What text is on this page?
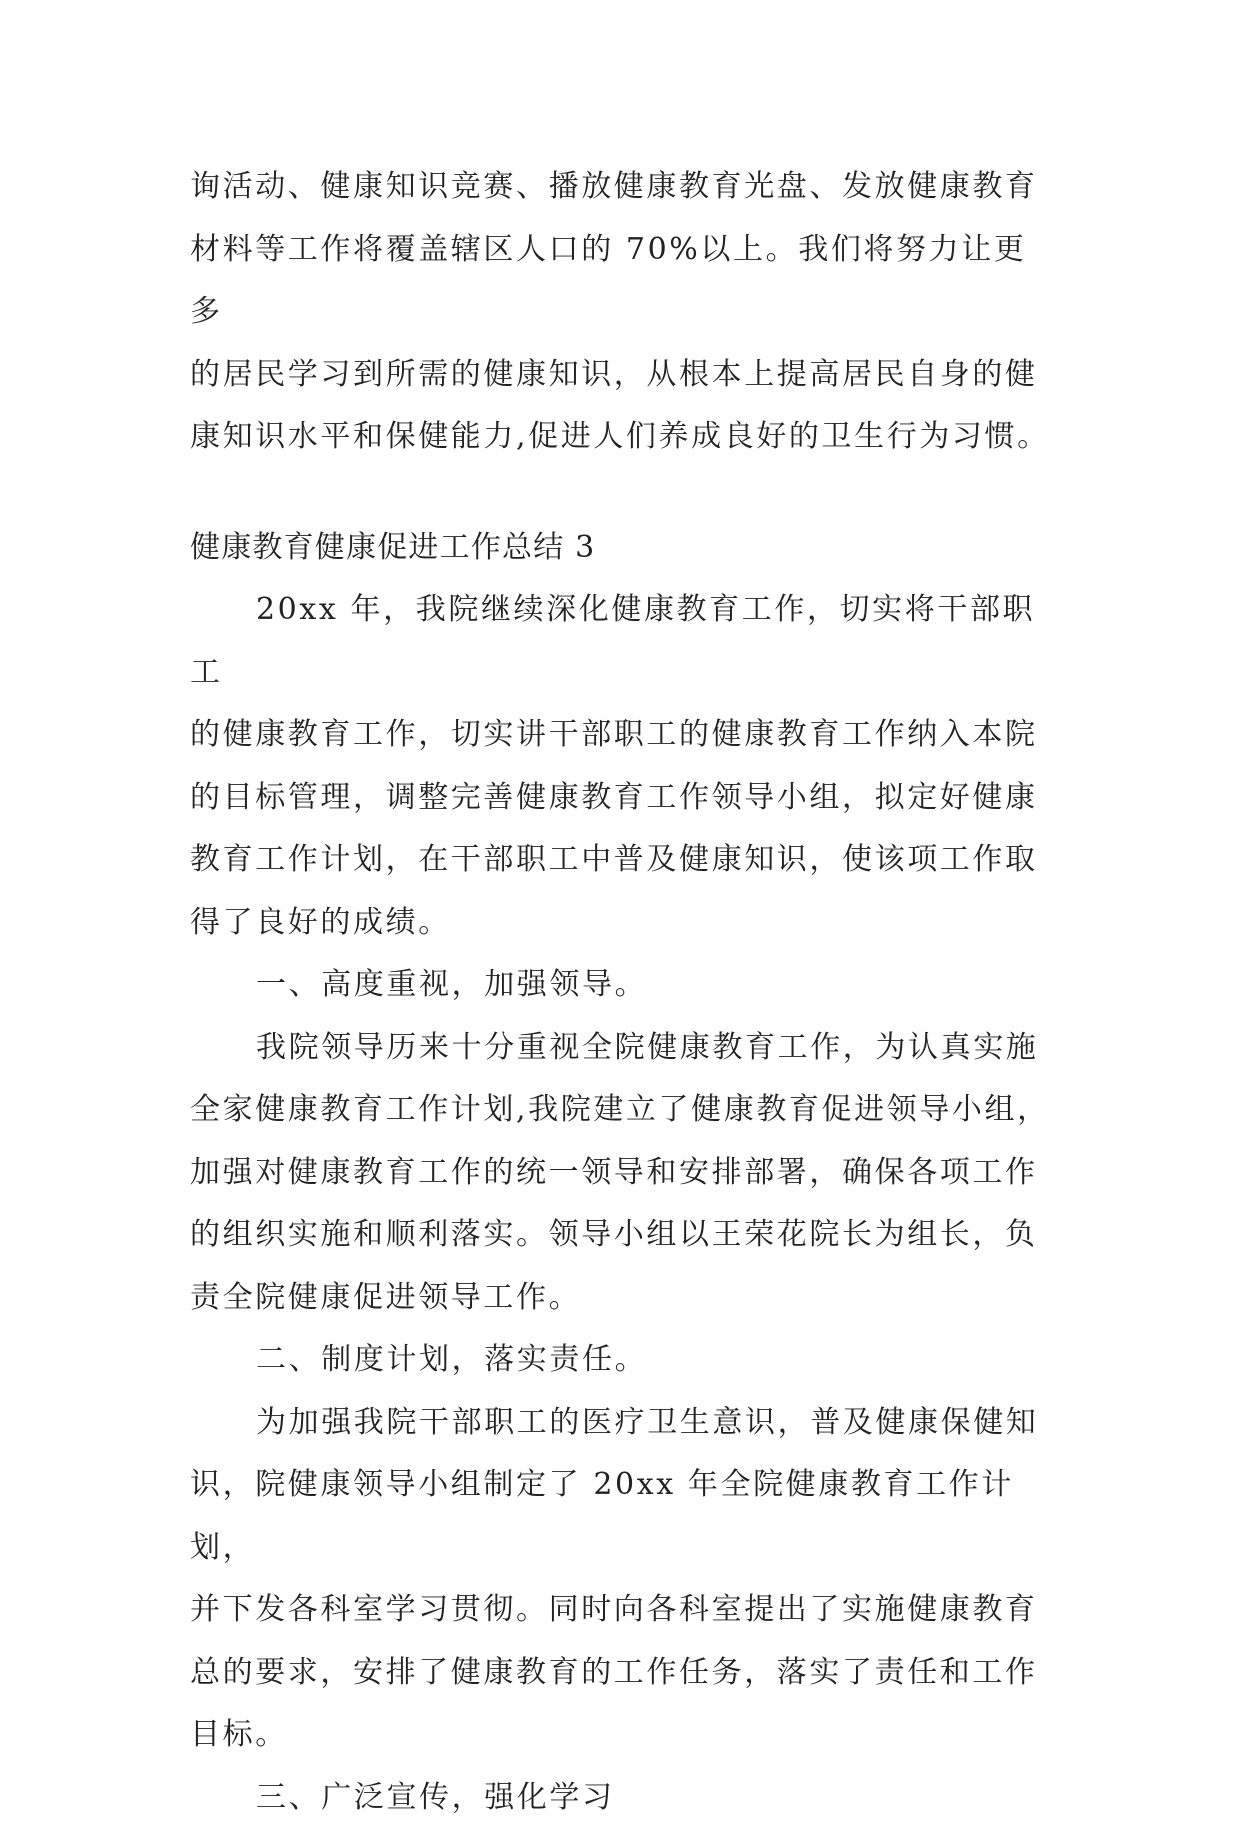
询活动、健康知识竞赛、播放健康教育光盘、发放健康教育
材料等工作将覆盖辖区人口的 70%以上。我们将努力让更多
的居民学习到所需的健康知识，从根本上提高居民自身的健
康知识水平和保健能力,促进人们养成良好的卫生行为习惯。

健康教育健康促进工作总结 3

20xx 年，我院继续深化健康教育工作，切实将干部职工
的健康教育工作，切实讲干部职工的健康教育工作纳入本院
的目标管理，调整完善健康教育工作领导小组，拟定好健康
教育工作计划，在干部职工中普及健康知识，使该项工作取
得了良好的成绩。

一、高度重视，加强领导。

我院领导历来十分重视全院健康教育工作，为认真实施
全家健康教育工作计划,我院建立了健康教育促进领导小组，
加强对健康教育工作的统一领导和安排部署，确保各项工作
的组织实施和顺利落实。领导小组以王荣花院长为组长，负
责全院健康促进领导工作。

二、制度计划，落实责任。

为加强我院干部职工的医疗卫生意识，普及健康保健知
识，院健康领导小组制定了 20xx 年全院健康教育工作计划，
并下发各科室学习贯彻。同时向各科室提出了实施健康教育
总的要求，安排了健康教育的工作任务，落实了责任和工作
目标。

三、广泛宣传，强化学习
